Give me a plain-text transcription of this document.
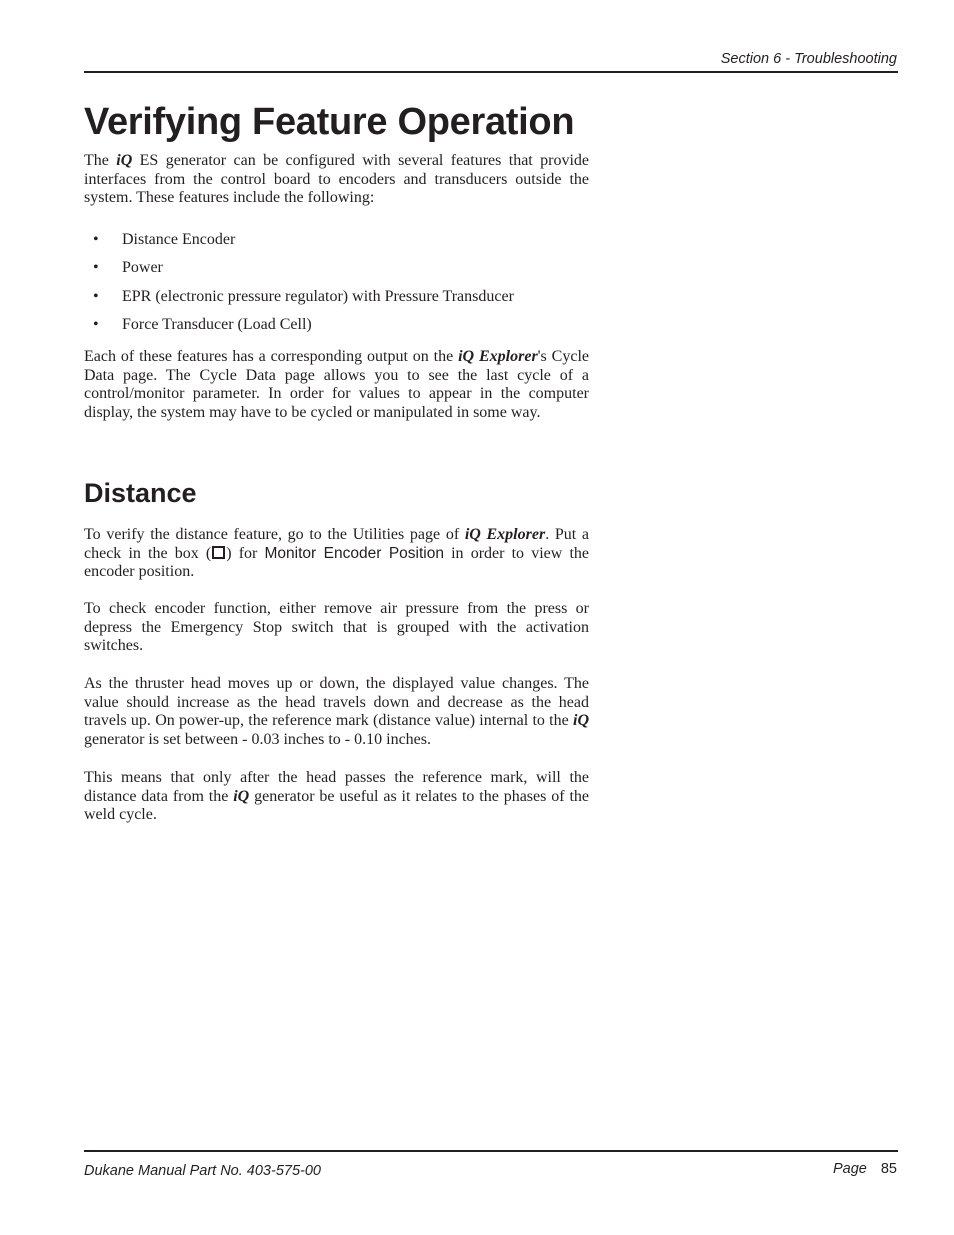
Section 6 - Troubleshooting
Verifying Feature Operation

The iQ ES generator can be configured with several features that provide interfaces from the control board to encoders and transducers outside the system. These features include the following:

• Distance Encoder
• Power
• EPR (electronic pressure regulator) with Pressure Transducer
• Force Transducer (Load Cell)

Each of these features has a corresponding output on the iQ Explorer's Cycle Data page. The Cycle Data page allows you to see the last cycle of a control/monitor parameter. In order for values to appear in the computer display, the system may have to be cycled or manipulated in some way.

Distance

To verify the distance feature, go to the Utilities page of iQ Explorer. Put a check in the box ( ) for Monitor Encoder Position in order to view the encoder position.

To check encoder function, either remove air pressure from the press or depress the Emergency Stop switch that is grouped with the activation switches.

As the thruster head moves up or down, the displayed value changes. The value should increase as the head travels down and decrease as the head travels up. On power-up, the reference mark (distance value) internal to the iQ generator is set between - 0.03 inches to - 0.10 inches.

This means that only after the head passes the reference mark, will the distance data from the iQ generator be useful as it relates to the phases of the weld cycle.

Dukane Manual Part No. 403-575-00	Page 85
